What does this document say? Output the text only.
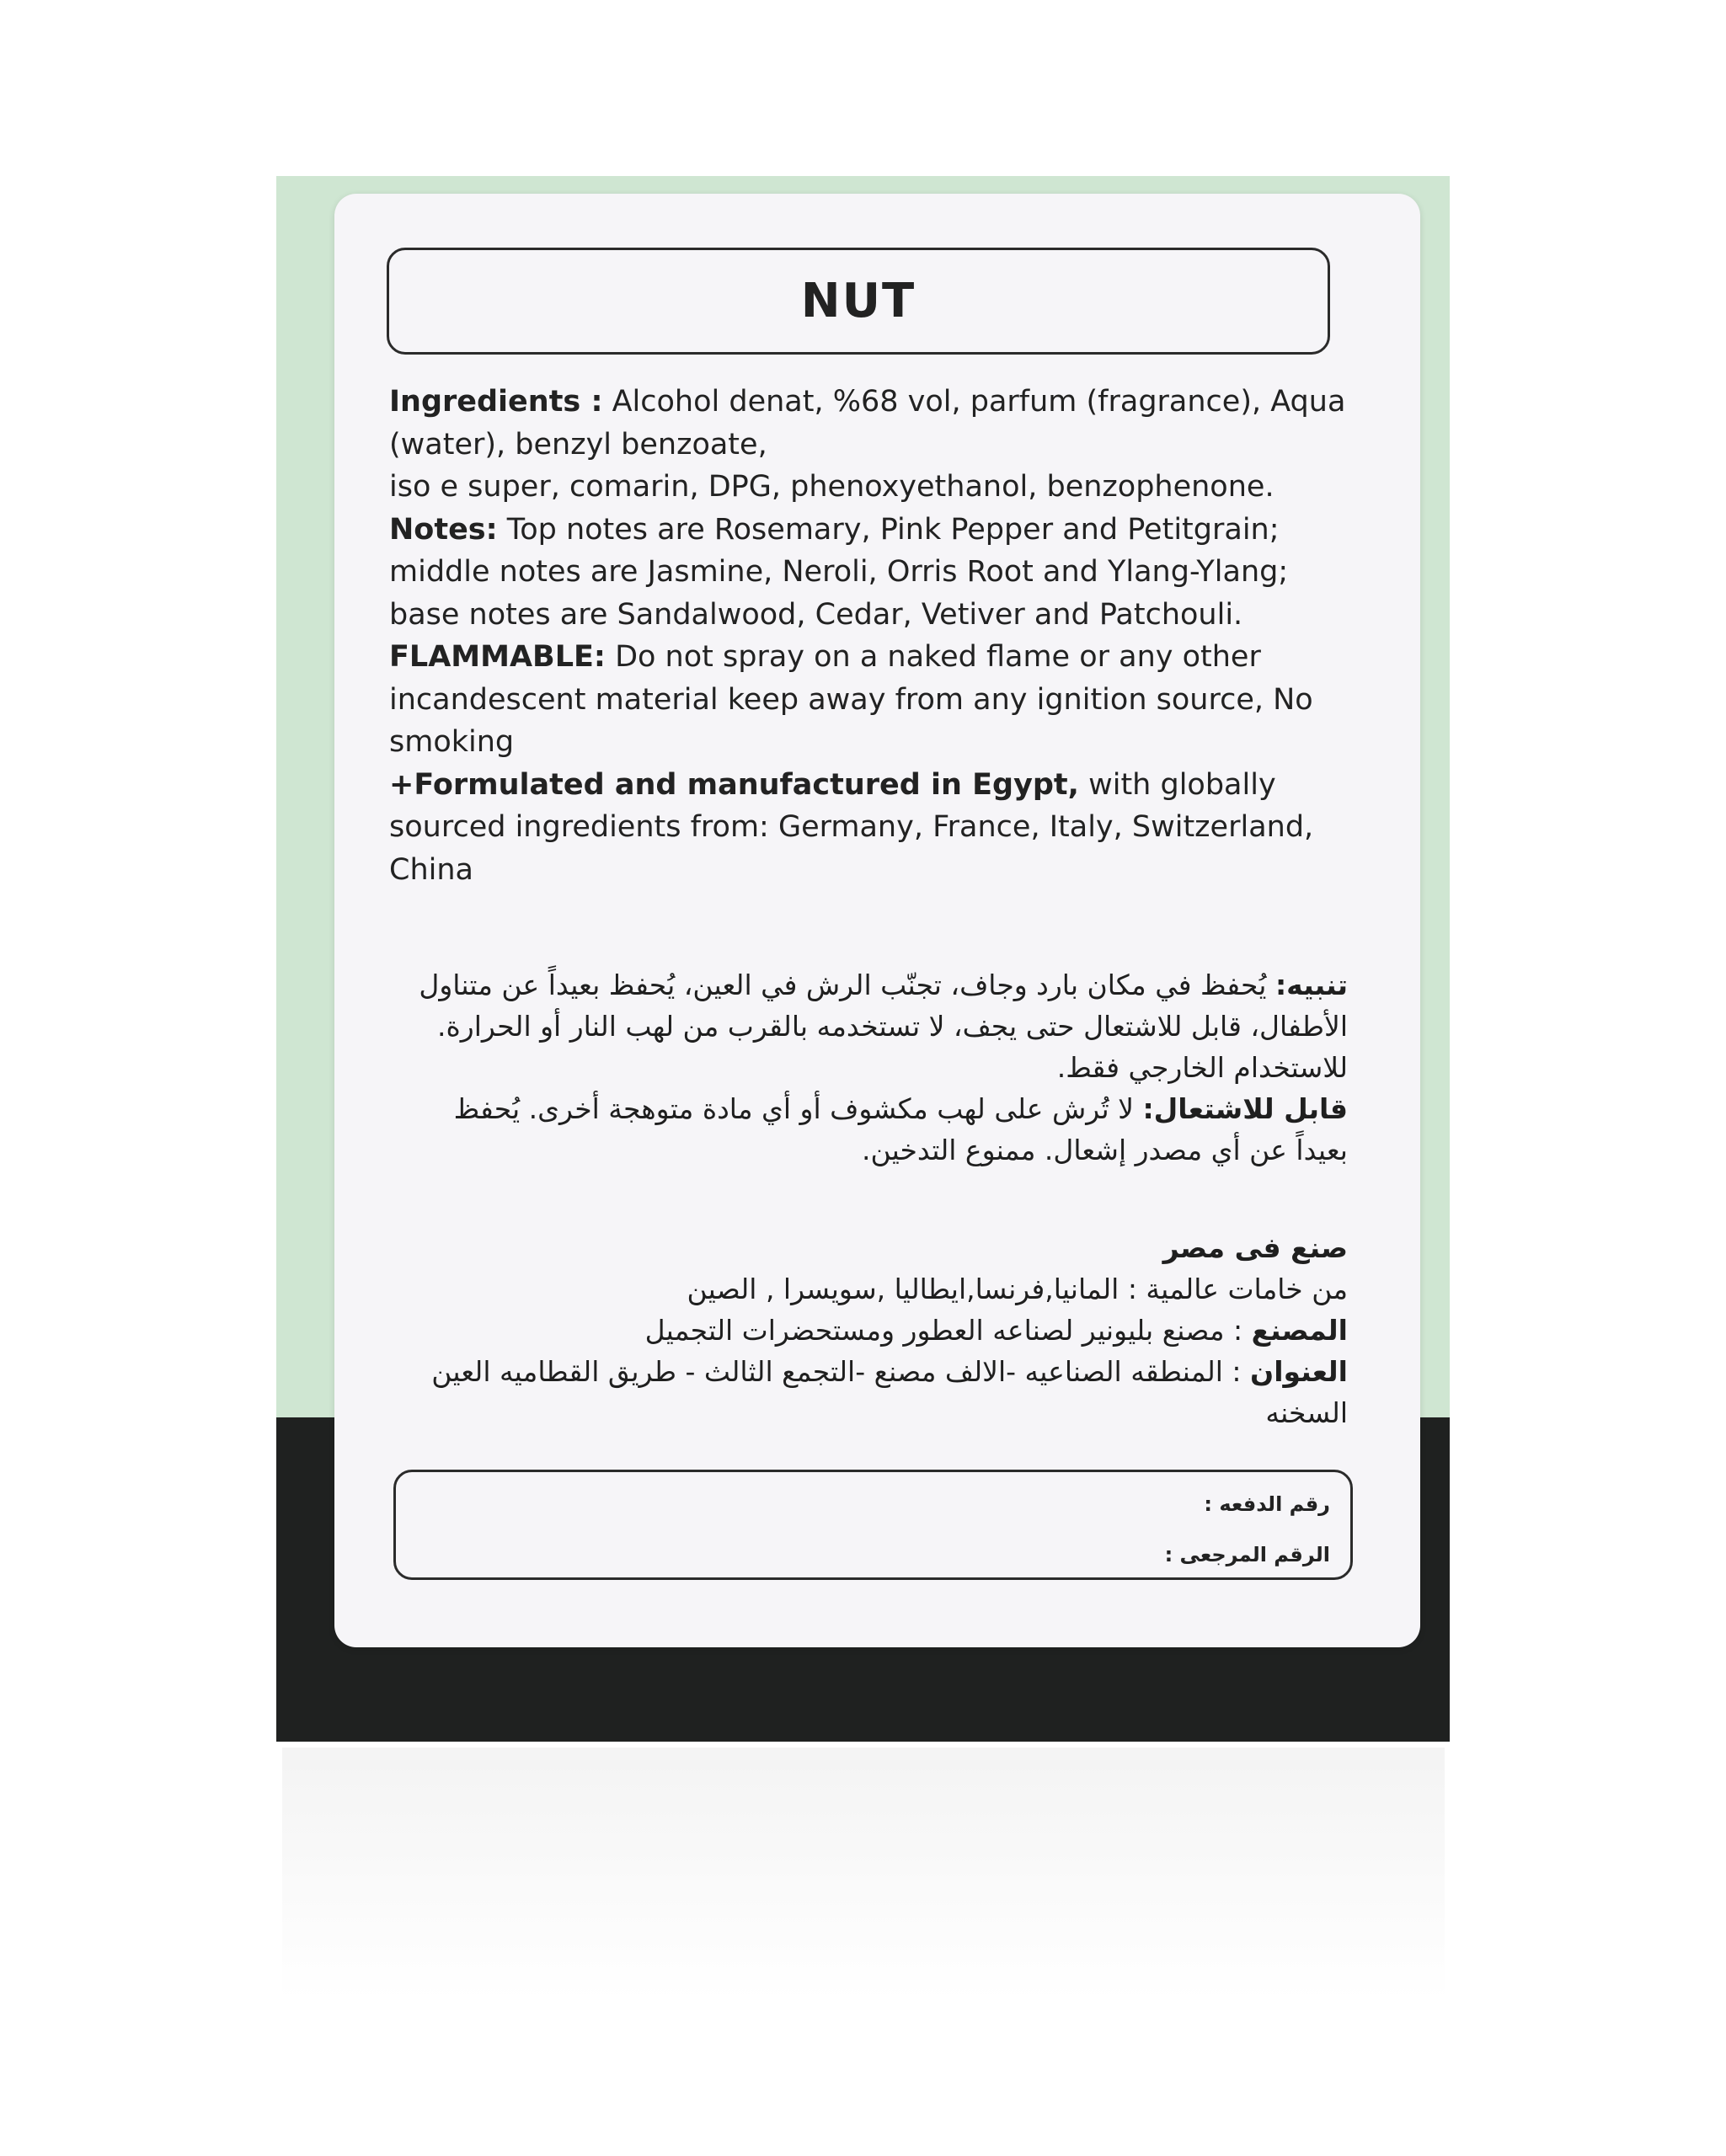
NUT

Ingredients : Alcohol denat, %68 vol, parfum (fragrance), Aqua (water), benzyl benzoate,
iso e super, comarin, DPG, phenoxyethanol, benzophenone.

Notes: Top notes are Rosemary, Pink Pepper and Petitgrain; middle notes are Jasmine, Neroli, Orris Root and Ylang-Ylang; base notes are Sandalwood, Cedar, Vetiver and Patchouli.

FLAMMABLE: Do not spray on a naked flame or any other incandescent material keep away from any ignition source, No smoking

+Formulated and manufactured in Egypt, with globally sourced ingredients from: Germany, France, Italy, Switzerland, China

تنبيه: يُحفظ في مكان بارد وجاف، تجنّب الرش في العين، يُحفظ بعيداً عن متناول الأطفال، قابل للاشتعال حتى يجف، لا تستخدمه بالقرب من لهب النار أو الحرارة. للاستخدام الخارجي فقط.

قابل للاشتعال: لا تُرش على لهب مكشوف أو أي مادة متوهجة أخرى. يُحفظ بعيداً عن أي مصدر إشعال. ممنوع التدخين.

صنع فى مصر

من خامات عالمية : المانيا,فرنسا,ايطاليا ,سويسرا , الصين

المصنع : مصنع بليونير لصناعه العطور ومستحضرات التجميل

العنوان : المنطقه الصناعيه -الالف مصنع -التجمع الثالث - طريق القطاميه العين السخنه

رقم الدفعه :
الرقم المرجعى :
